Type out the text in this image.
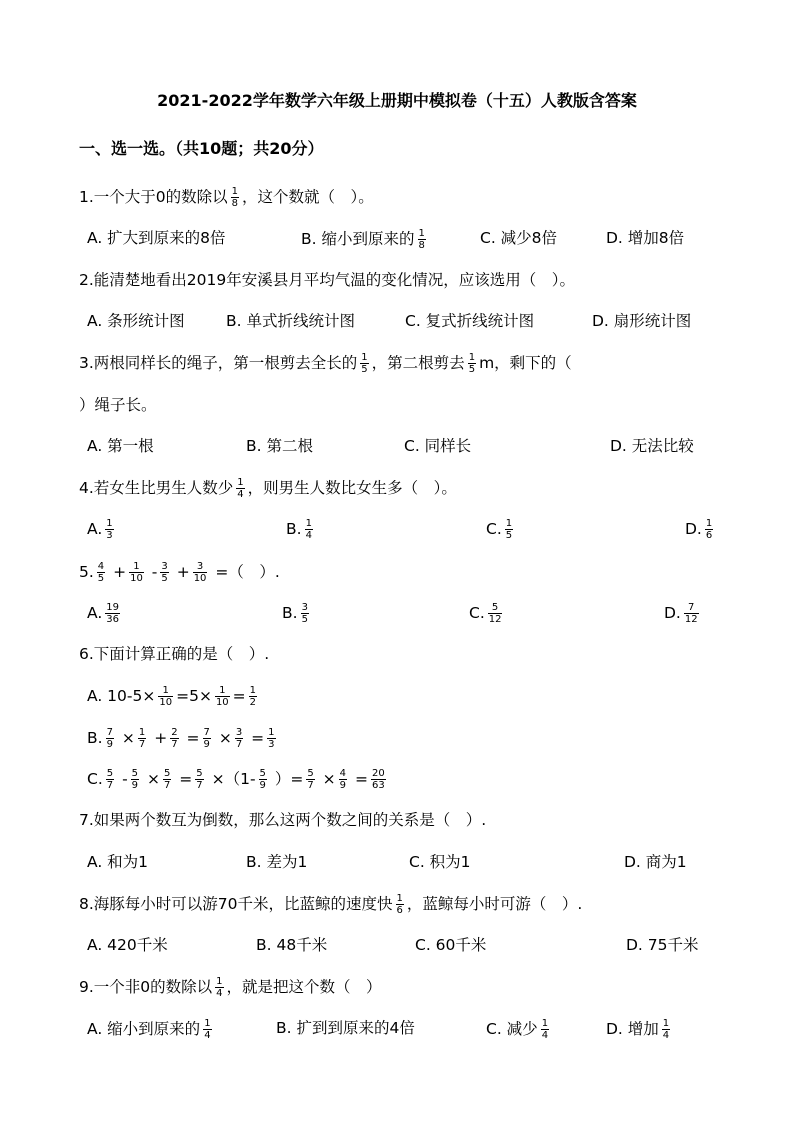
2021-2022学年数学六年级上册期中模拟卷（十五）人教版含答案
一、选一选。（共10题；共20分）
1.一个大于0的数除以 $\frac{1}{8}$ ，这个数就（　）。
A. 扩大到原来的8倍	B. 缩小到原来的 $\frac{1}{8}$	C. 减少8倍	D. 增加8倍
2.能清楚地看出2019年安溪县月平均气温的变化情况，应该选用（　）。
A. 条形统计图	B. 单式折线统计图	C. 复式折线统计图	D. 扇形统计图
3.两根同样长的绳子，第一根剪去全长的 $\frac{1}{5}$ ，第二根剪去 $\frac{1}{5}$ m，剩下的（
）绳子长。
A. 第一根	B. 第二根	C. 同样长	D. 无法比较
4.若女生比男生人数少 $\frac{1}{4}$ ，则男生人数比女生多（　）。
A. $\frac{1}{3}$	B. $\frac{1}{4}$	C. $\frac{1}{5}$	D. $\frac{1}{6}$
5. $\frac{4}{5} + \frac{1}{10} - \frac{3}{5} + \frac{3}{10}$ =（　）.
A. $\frac{19}{36}$	B. $\frac{3}{5}$	C. $\frac{5}{12}$	D. $\frac{7}{12}$
6.下面计算正确的是（　）.
A. $10-5\times \frac{1}{10} =5\times \frac{1}{10} = \frac{1}{2}$
B. $\frac{7}{9} \times \frac{1}{7} + \frac{2}{7} = \frac{7}{9} \times \frac{3}{7} = \frac{1}{3}$
C. $\frac{5}{7} - \frac{5}{9} \times \frac{5}{7} = \frac{5}{7} \times(1- \frac{5}{9}$ ）= $\frac{5}{7} \times \frac{4}{9} = \frac{20}{63}$
7.如果两个数互为倒数，那么这两个数之间的关系是（　）.
A. 和为1	B. 差为1	C. 积为1	D. 商为1
8.海豚每小时可以游70千米，比蓝鲸的速度快 $\frac{1}{6}$ ，蓝鲸每小时可游（　）.
A. 420千米	B. 48千米	C. 60千米	D. 75千米
9.一个非0的数除以 $\frac{1}{4}$ ，就是把这个数（　）
A. 缩小到原来的 $\frac{1}{4}$	B. 扩到到原来的4倍	C. 减少 $\frac{1}{4}$	D. 增加 $\frac{1}{4}$
